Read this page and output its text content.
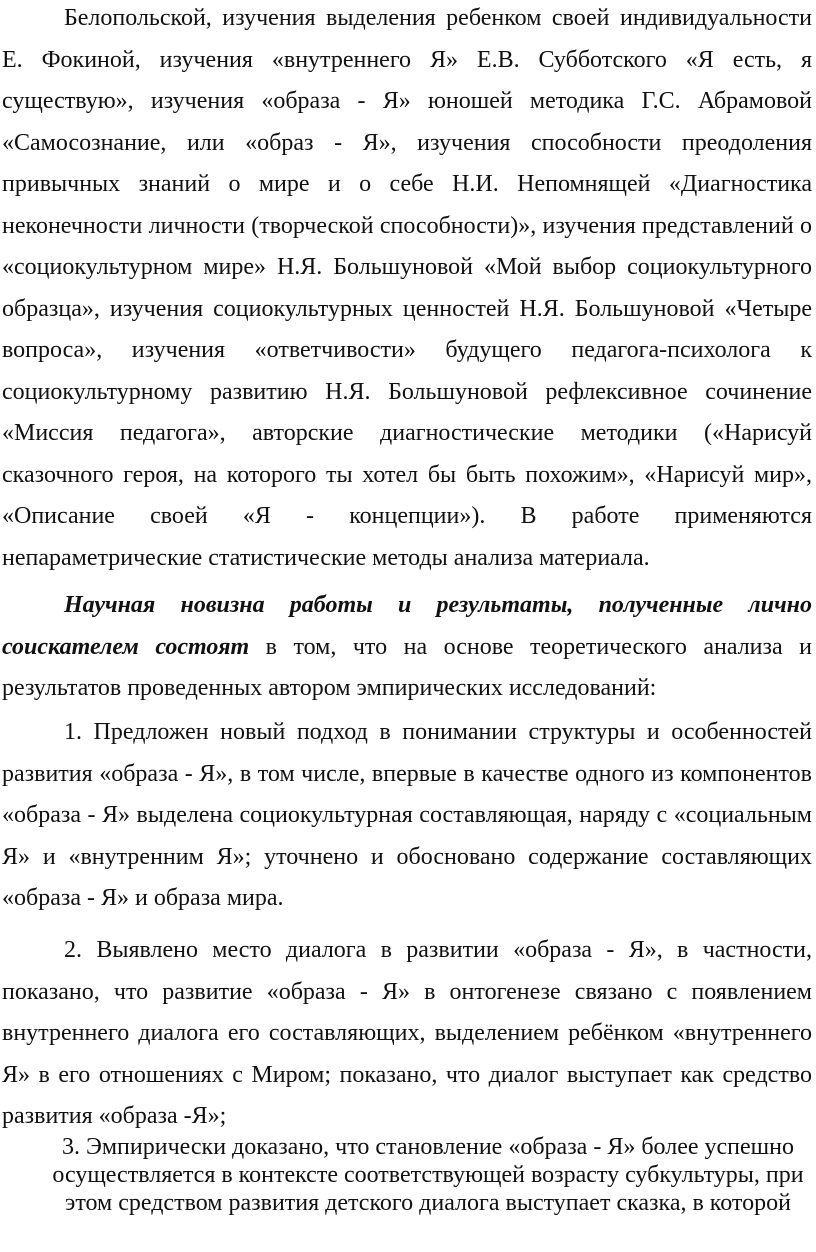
Белопольской, изучения выделения ребенком своей индивидуальности Е. Фокиной, изучения «внутреннего Я» Е.В. Субботского «Я есть, я существую», изучения «образа - Я» юношей методика Г.С. Абрамовой «Самосознание, или «образ - Я», изучения способности преодоления привычных знаний о мире и о себе Н.И. Непомнящей «Диагностика неконечности личности (творческой способности)», изучения представлений о «социокультурном мире» Н.Я. Большуновой «Мой выбор социокультурного образца», изучения социокультурных ценностей Н.Я. Большуновой «Четыре вопроса», изучения «ответчивости» будущего педагога-психолога к социокультурному развитию Н.Я. Большуновой рефлексивное сочинение «Миссия педагога», авторские диагностические методики («Нарисуй сказочного героя, на которого ты хотел бы быть похожим», «Нарисуй мир», «Описание своей «Я - концепции»). В работе применяются непараметрические статистические методы анализа материала.

Научная новизна работы и результаты, полученные лично соискателем состоят в том, что на основе теоретического анализа и результатов проведенных автором эмпирических исследований:

1. Предложен новый подход в понимании структуры и особенностей развития «образа - Я», в том числе, впервые в качестве одного из компонентов «образа - Я» выделена социокультурная составляющая, наряду с «социальным Я» и «внутренним Я»; уточнено и обосновано содержание составляющих «образа - Я» и образа мира.

2. Выявлено место диалога в развитии «образа - Я», в частности, показано, что развитие «образа - Я» в онтогенезе связано с появлением внутреннего диалога его составляющих, выделением ребёнком «внутреннего Я» в его отношениях с Миром; показано, что диалог выступает как средство развития «образа -Я»;

3. Эмпирически доказано, что становление «образа - Я» более успешно осуществляется в контексте соответствующей возрасту субкультуры, при этом средством развития детского диалога выступает сказка, в которой
